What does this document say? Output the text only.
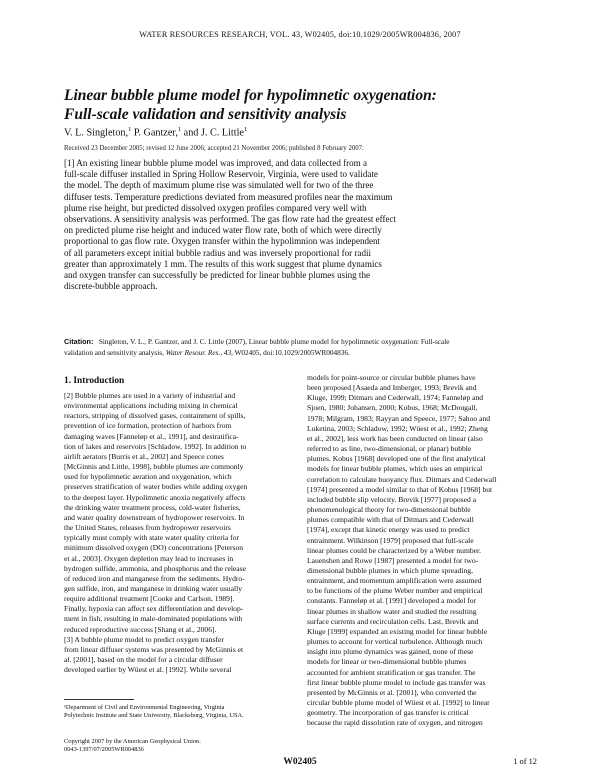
WATER RESOURCES RESEARCH, VOL. 43, W02405, doi:10.1029/2005WR004836, 2007
Linear bubble plume model for hypolimnetic oxygenation:
Full-scale validation and sensitivity analysis
V. L. Singleton,$^1$ P. Gantzer,$^1$ and J. C. Little$^1$
Received 23 December 2005; revised 12 June 2006; accepted 21 November 2006; published 8 February 2007.
[1] An existing linear bubble plume model was improved, and data collected from a
full-scale diffuser installed in Spring Hollow Reservoir, Virginia, were used to validate
the model. The depth of maximum plume rise was simulated well for two of the three
diffuser tests. Temperature predictions deviated from measured profiles near the maximum
plume rise height, but predicted dissolved oxygen profiles compared very well with
observations. A sensitivity analysis was performed. The gas flow rate had the greatest effect
on predicted plume rise height and induced water flow rate, both of which were directly
proportional to gas flow rate. Oxygen transfer within the hypolimnion was independent
of all parameters except initial bubble radius and was inversely proportional for radii
greater than approximately 1 mm. The results of this work suggest that plume dynamics
and oxygen transfer can successfully be predicted for linear bubble plumes using the
discrete-bubble approach.
Citation: Singleton, V. L., P. Gantzer, and J. C. Little (2007), Linear bubble plume model for hypolimnetic oxygenation: Full-scale
validation and sensitivity analysis, Water Resour. Res., 43, W02405, doi:10.1029/2005WR004836.
1. Introduction
[2] Bubble plumes are used in a variety of industrial and
environmental applications including mixing in chemical
reactors, stripping of dissolved gases, containment of spills,
prevention of ice formation, protection of harbors from
damaging waves [Fanneløp et al., 1991], and destratifica-
tion of lakes and reservoirs [Schladow, 1992]. In addition to
airlift aerators [Burris et al., 2002] and Speece cones
[McGinnis and Little, 1998], bubble plumes are commonly
used for hypolimnetic aeration and oxygenation, which
preserves stratification of water bodies while adding oxygen
to the deepest layer. Hypolimnetic anoxia negatively affects
the drinking water treatment process, cold-water fisheries,
and water quality downstream of hydropower reservoirs. In
the United States, releases from hydropower reservoirs
typically must comply with state water quality criteria for
minimum dissolved oxygen (DO) concentrations [Peterson
et al., 2003]. Oxygen depletion may lead to increases in
hydrogen sulfide, ammonia, and phosphorus and the release
of reduced iron and manganese from the sediments. Hydro-
gen sulfide, iron, and manganese in drinking water usually
require additional treatment [Cooke and Carlson, 1989].
Finally, hypoxia can affect sex differentiation and develop-
ment in fish, resulting in male-dominated populations with
reduced reproductive success [Shang et al., 2006].
[3] A bubble plume model to predict oxygen transfer
from linear diffuser systems was presented by McGinnis et
al. [2001], based on the model for a circular diffuser
developed earlier by Wüest et al. [1992]. While several
models for point-source or circular bubble plumes have
been proposed [Asaeda and Imberger, 1993; Brevik and
Kluge, 1999; Ditmars and Cederwall, 1974; Fanneløp and
Sjoen, 1980; Johansen, 2000; Kobus, 1968; McDougall,
1978; Milgram, 1983; Rayyan and Speece, 1977; Sahoo and
Luketina, 2003; Schladow, 1992; Wüest et al., 1992; Zheng
et al., 2002], less work has been conducted on linear (also
referred to as line, two-dimensional, or planar) bubble
plumes. Kobus [1968] developed one of the first analytical
models for linear bubble plumes, which uses an empirical
correlation to calculate buoyancy flux. Ditmars and Cederwall
[1974] presented a model similar to that of Kobus [1968] but
included bubble slip velocity. Brevik [1977] proposed a
phenomenological theory for two-dimensional bubble
plumes compatible with that of Ditmars and Cederwall
[1974], except that kinetic energy was used to predict
entrainment. Wilkinson [1979] proposed that full-scale
linear plumes could be characterized by a Weber number.
Lauenshen and Rowe [1987] presented a model for two-
dimensional bubble plumes in which plume spreading,
entrainment, and momentum amplification were assumed
to be functions of the plume Weber number and empirical
constants. Fanneløp et al. [1991] developed a model for
linear plumes in shallow water and studied the resulting
surface currents and recirculation cells. Last, Brevik and
Kluge [1999] expanded an existing model for linear bubble
plumes to account for vertical turbulence. Although much
insight into plume dynamics was gained, none of these
models for linear or two-dimensional bubble plumes
accounted for ambient stratification or gas transfer. The
first linear bubble plume model to include gas transfer was
presented by McGinnis et al. [2001], who converted the
circular bubble plume model of Wüest et al. [1992] to linear
geometry. The incorporation of gas transfer is critical
because the rapid dissolution rate of oxygen, and nitrogen
¹Department of Civil and Environmental Engineering, Virginia
Polytechnic Institute and State University, Blacksburg, Virginia, USA.
Copyright 2007 by the American Geophysical Union.
0043-1397/07/2005WR004836
W02405	1 of 12
